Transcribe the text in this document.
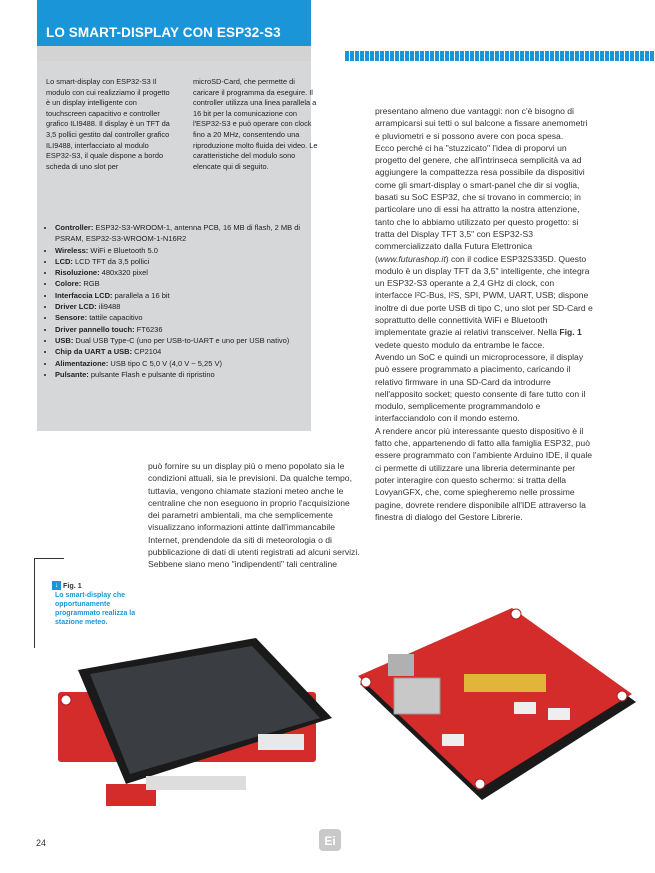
LO SMART-DISPLAY CON ESP32-S3
Lo smart-display con ESP32-S3 Il modulo con cui realizziamo il progetto è un display intelligente con touchscreen capacitivo e controller grafico ILI9488. Il display è un TFT da 3,5 pollici gestito dal controller grafico ILI9488, interfacciato al modulo ESP32-S3, il quale dispone a bordo scheda di uno slot per
microSD-Card, che permette di caricare il programma da eseguire. Il controller utilizza una linea parallela a 16 bit per la comunicazione con l'ESP32-S3 e può operare con clock fino a 20 MHz, consentendo una riproduzione molto fluida dei video. Le caratteristiche del modulo sono elencate qui di seguito.
• Controller: ESP32-S3-WROOM-1, antenna PCB, 16 MB di flash, 2 MB di PSRAM, ESP32-S3-WROOM-1-N16R2
• Wireless: WiFi e Bluetooth 5.0
• LCD: LCD TFT da 3,5 pollici
• Risoluzione: 480x320 pixel
• Colore: RGB
• Interfaccia LCD: parallela a 16 bit
• Driver LCD: ili9488
• Sensore: tattile capacitivo
• Driver pannello touch: FT6236
• USB: Dual USB Type-C (uno per USB-to-UART e uno per USB nativo)
• Chip da UART a USB: CP2104
• Alimentazione: USB tipo C 5,0 V (4,0 V ~ 5,25 V)
• Pulsante: pulsante Flash e pulsante di ripristino

presentano almeno due vantaggi: non c'è bisogno di arrampicarsi sui tetti o sul balcone a fissare anemometri e pluviometri e si possono avere con poca spesa.

Ecco perché ci ha "stuzzicato" l'idea di proporvi un progetto del genere, che all'intrinseca semplicità va ad aggiungere la compattezza resa possibile da dispositivi come gli smart-display o smart-panel che dir si voglia, basati su SoC ESP32, che si trovano in commercio; in particolare uno di essi ha attratto la nostra attenzione, tanto che lo abbiamo utilizzato per questo progetto: si tratta del Display TFT 3,5" con ESP32-S3 commercializzato dalla Futura Elettronica (www.futurashop.it) con il codice ESP32S335D. Questo modulo è un display TFT da 3,5" intelligente, che integra un ESP32-S3 operante a 2,4 GHz di clock, con interfacce I²C-Bus, I²S, SPI, PWM, UART, USB; dispone inoltre di due porte USB di tipo C, uno slot per SD-Card e soprattutto delle connettività WiFi e Bluetooth implementate grazie ai relativi transceiver. Nella Fig. 1 vedete questo modulo da entrambe le facce.

Avendo un SoC e quindi un microprocessore, il display può essere programmato a piacimento, caricando il relativo firmware in una SD-Card da introdurre nell'apposito socket; questo consente di fare tutto con il modulo, semplicemente programmandolo e interfacciandolo con il mondo esterno.

A rendere ancor più interessante questo dispositivo è il fatto che, appartenendo di fatto alla famiglia ESP32, può essere programmato con l'ambiente Arduino IDE, il quale ci permette di utilizzare una libreria determinante per poter interagire con questo schermo: si tratta della LovyanGFX, che, come spiegheremo nelle prossime pagine, dovrete rendere disponibile all'IDE attraverso la finestra di dialogo del Gestore Librerie.

può fornire su un display più o meno popolato sia le condizioni attuali, sia le previsioni. Da qualche tempo, tuttavia, vengono chiamate stazioni meteo anche le centraline che non eseguono in proprio l'acquisizione dei parametri ambientali, ma che semplicemente visualizzano informazioni attinte dall'immancabile Internet, prendendole da siti di meteorologia o di pubblicazione di dati di utenti registrati ad alcuni servizi.

Sebbene siano meno "indipendenti" tali centraline

↓ Fig. 1
Lo smart-display che opportunamente programmato realizza la stazione meteo.
24	Ei
